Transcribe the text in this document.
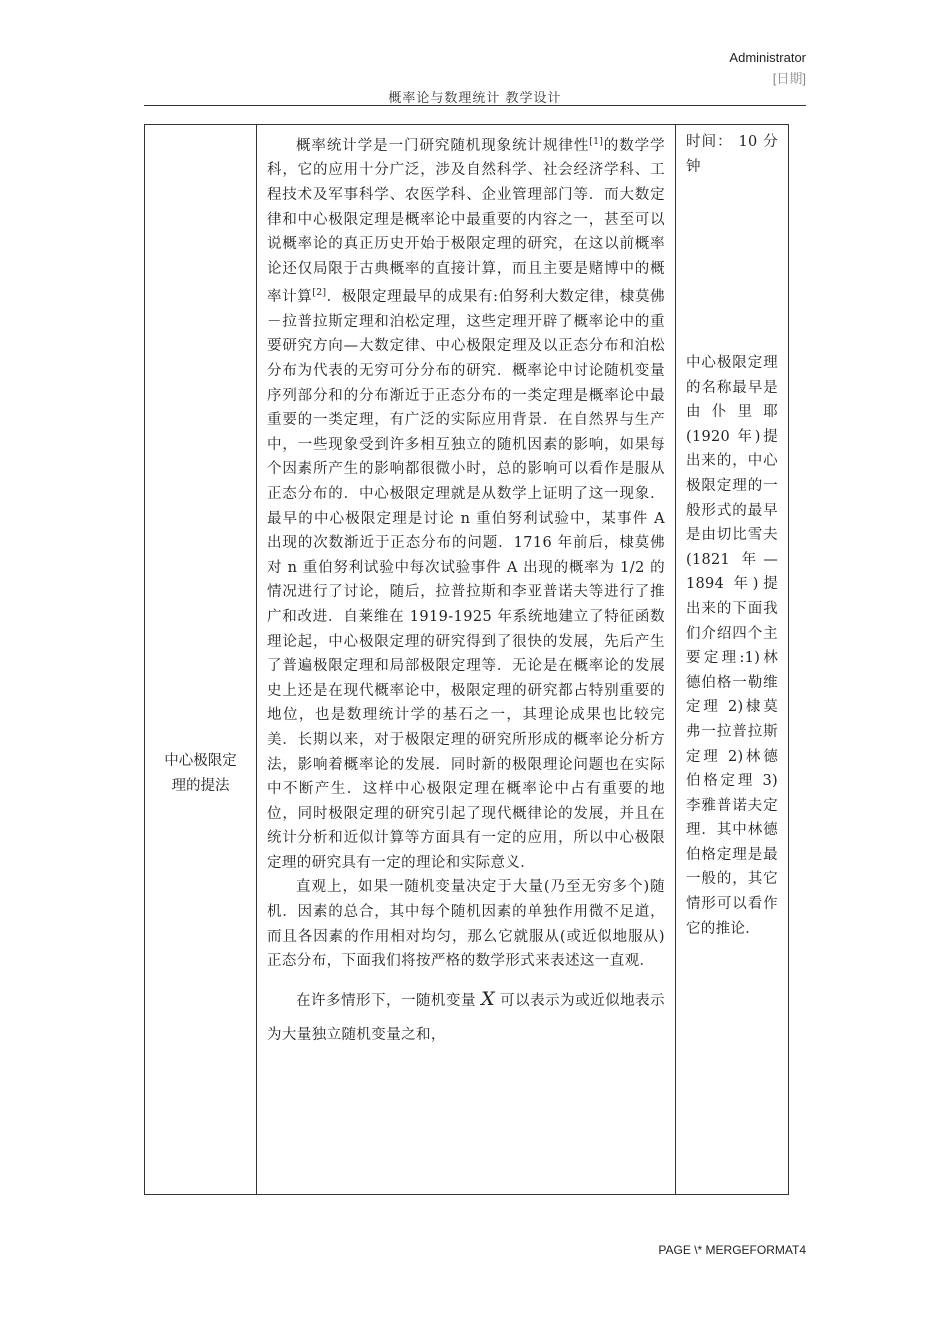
Administrator
[日期]
概率论与数理统计 教学设计
中心极限定
理的提法

概率统计学是一门研究随机现象统计规律性[1]的数学学科，它的应用十分广泛，涉及自然科学、社会经济学科、工程技术及军事科学、农医学科、企业管理部门等．而大数定律和中心极限定理是概率论中最重要的内容之一，甚至可以说概率论的真正历史开始于极限定理的研究，在这以前概率论还仅局限于古典概率的直接计算，而且主要是赌博中的概率计算[2]．极限定理最早的成果有:伯努利大数定律，棣莫佛－拉普拉斯定理和泊松定理，这些定理开辟了概率论中的重要研究方向—大数定律、中心极限定理及以正态分布和泊松分布为代表的无穷可分分布的研究．概率论中讨论随机变量序列部分和的分布渐近于正态分布的一类定理是概率论中最重要的一类定理，有广泛的实际应用背景．在自然界与生产中，一些现象受到许多相互独立的随机因素的影响，如果每个因素所产生的影响都很微小时，总的影响可以看作是服从正态分布的．中心极限定理就是从数学上证明了这一现象．最早的中心极限定理是讨论 n 重伯努利试验中，某事件 A 出现的次数渐近于正态分布的问题．1716 年前后，棣莫佛对 n 重伯努利试验中每次试验事件 A 出现的概率为 1/2 的情况进行了讨论，随后，拉普拉斯和李亚普诺夫等进行了推广和改进．自莱维在 1919-1925 年系统地建立了特征函数理论起，中心极限定理的研究得到了很快的发展，先后产生了普遍极限定理和局部极限定理等．无论是在概率论的发展史上还是在现代概率论中，极限定理的研究都占特别重要的地位，也是数理统计学的基石之一，其理论成果也比较完美．长期以来，对于极限定理的研究所形成的概率论分析方法，影响着概率论的发展．同时新的极限理论问题也在实际中不断产生．这样中心极限定理在概率论中占有重要的地位，同时极限定理的研究引起了现代概律论的发展，并且在统计分析和近似计算等方面具有一定的应用，所以中心极限定理的研究具有一定的理论和实际意义．

直观上，如果一随机变量决定于大量(乃至无穷多个)随机．因素的总合，其中每个随机因素的单独作用微不足道，而且各因素的作用相对均匀，那么它就服从(或近似地服从)正态分布，下面我们将按严格的数学形式来表述这一直观．

在许多情形下，一随机变量 X 可以表示为或近似地表示为大量独立随机变量之和，

时间： 10 分钟
中心极限定理的名称最早是由仆里耶(1920 年)提出来的，中心极限定理的一般形式的最早是由切比雪夫(1821 年—1894 年)提出来的下面我们介绍四个主要定理:1)林德伯格一勒维定理 2)棣莫弗一拉普拉斯定理 2)林德伯格定理 3)李雅普诺夫定理．其中林德伯格定理是最一般的，其它情形可以看作它的推论．
PAGE \* MERGEFORMAT4
